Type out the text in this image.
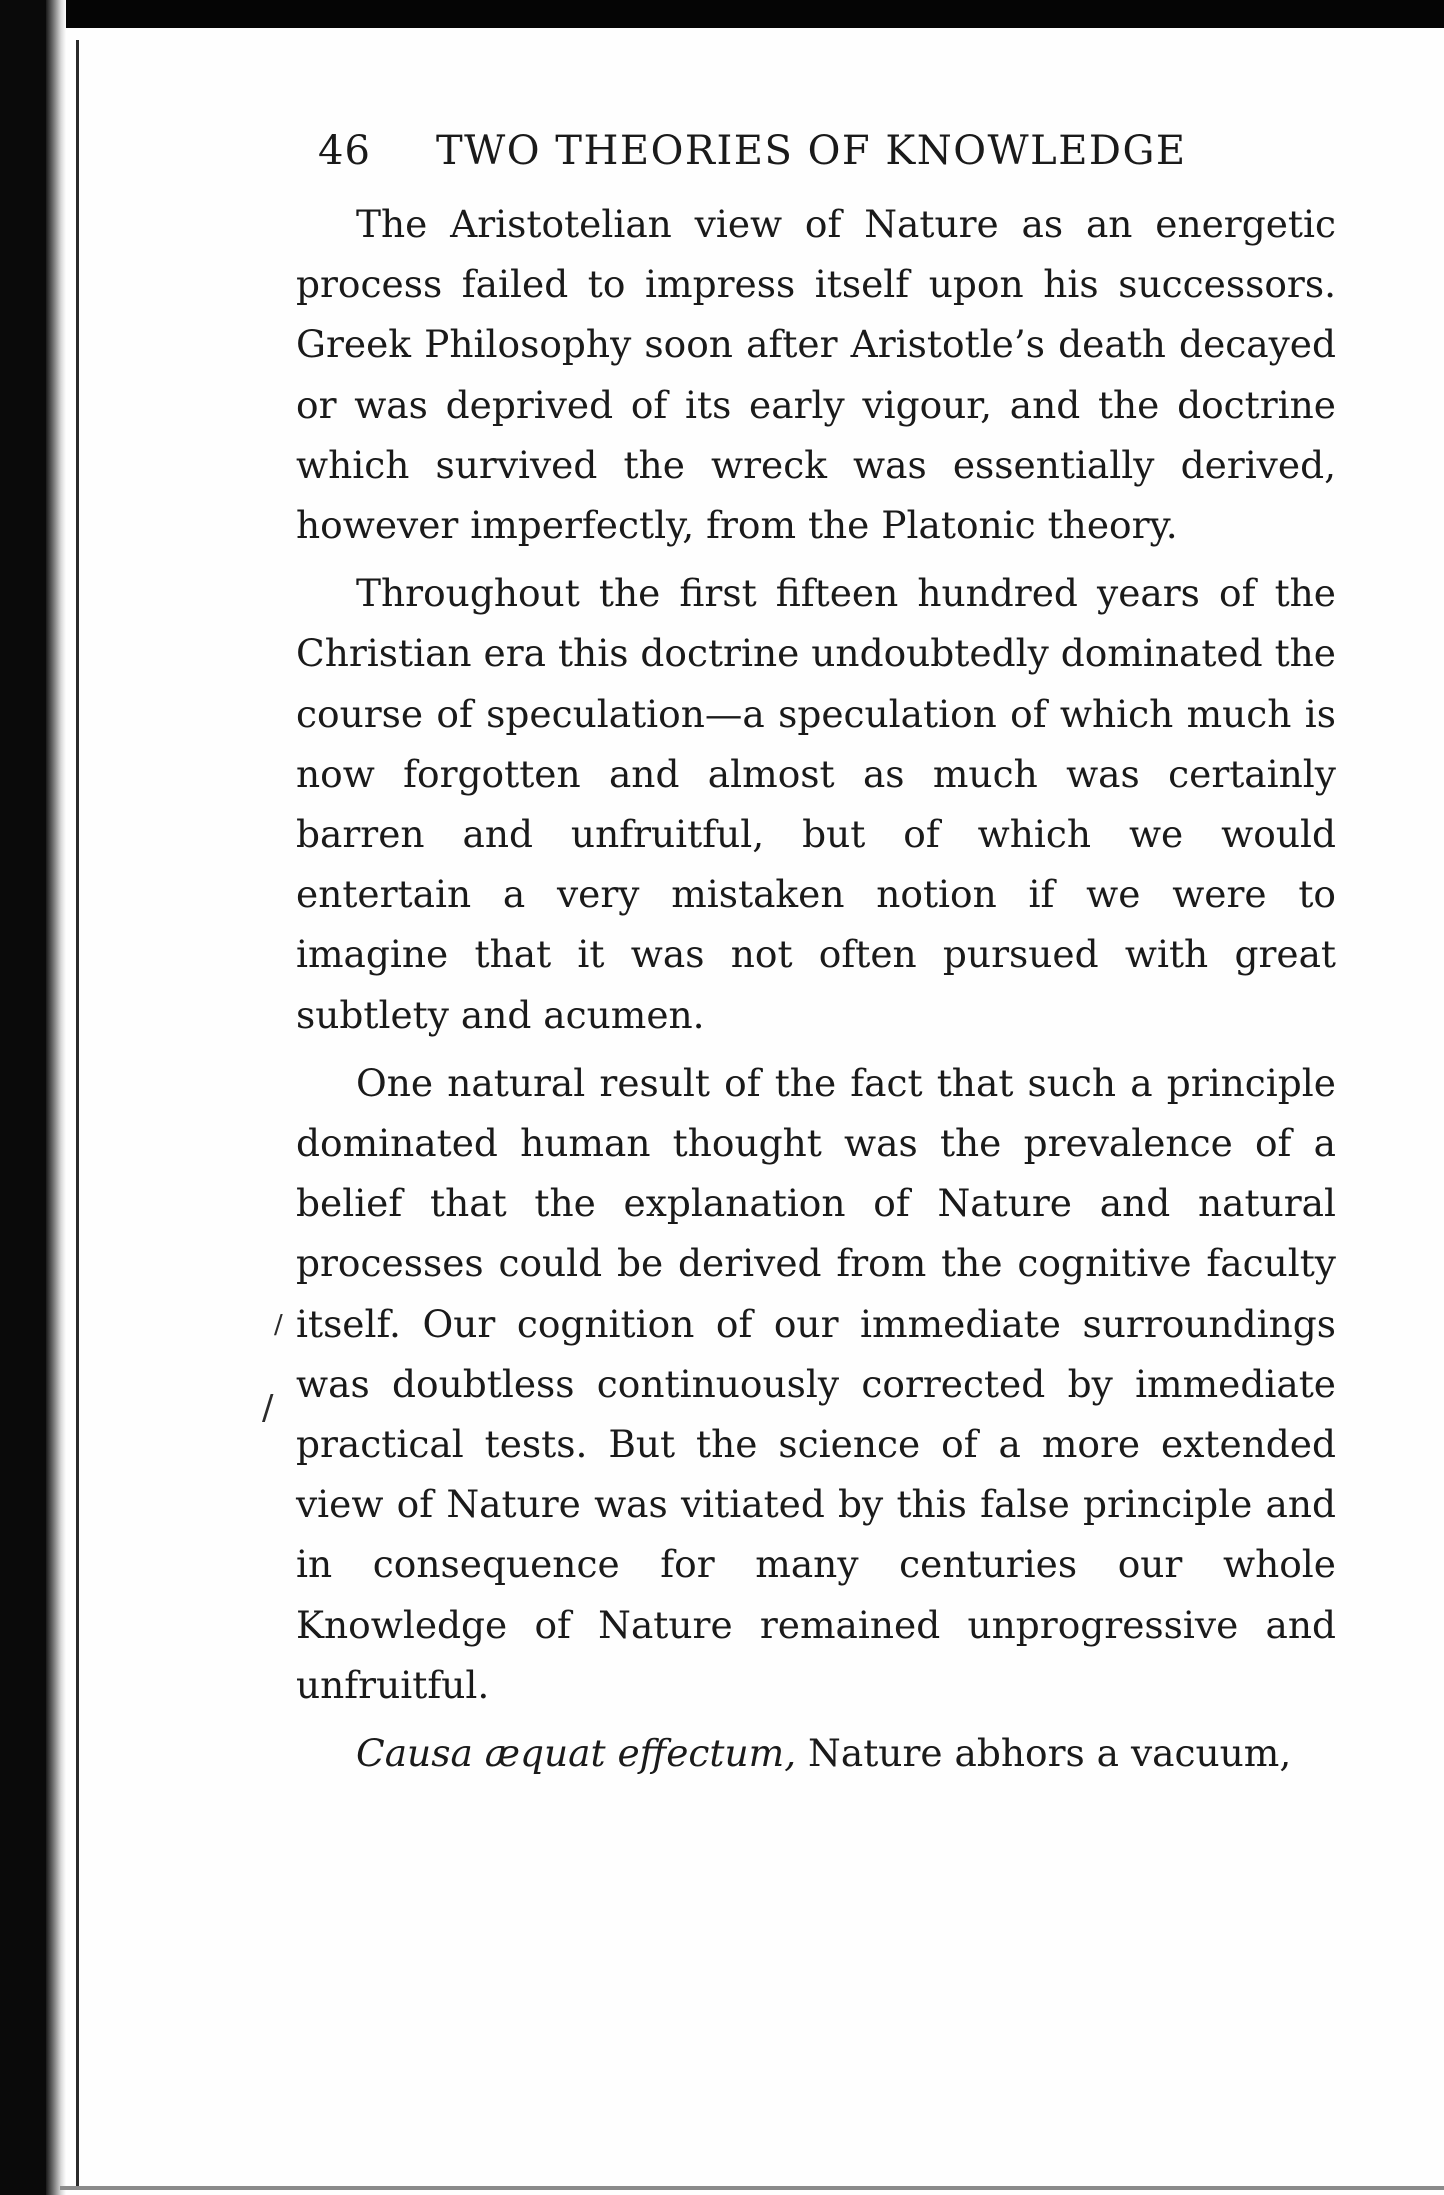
46 TWO THEORIES OF KNOWLEDGE

The Aristotelian view of Nature as an energetic process failed to impress itself upon his successors. Greek Philosophy soon after Aristotle’s death decayed or was deprived of its early vigour, and the doctrine which survived the wreck was essentially derived, however imperfectly, from the Platonic theory.

Throughout the first fifteen hundred years of the Christian era this doctrine undoubtedly dominated the course of speculation—a speculation of which much is now forgotten and almost as much was certainly barren and unfruitful, but of which we would entertain a very mistaken notion if we were to imagine that it was not often pursued with great subtlety and acumen.

One natural result of the fact that such a principle dominated human thought was the prevalence of a belief that the explanation of Nature and natural processes could be derived from the cognitive faculty itself. Our cognition of our immediate surroundings was doubtless continuously corrected by immediate practical tests. But the science of a more extended view of Nature was vitiated by this false principle and in consequence for many centuries our whole Knowledge of Nature remained unprogressive and unfruitful.

Causa æquat effectum, Nature abhors a vacuum,

/
/
